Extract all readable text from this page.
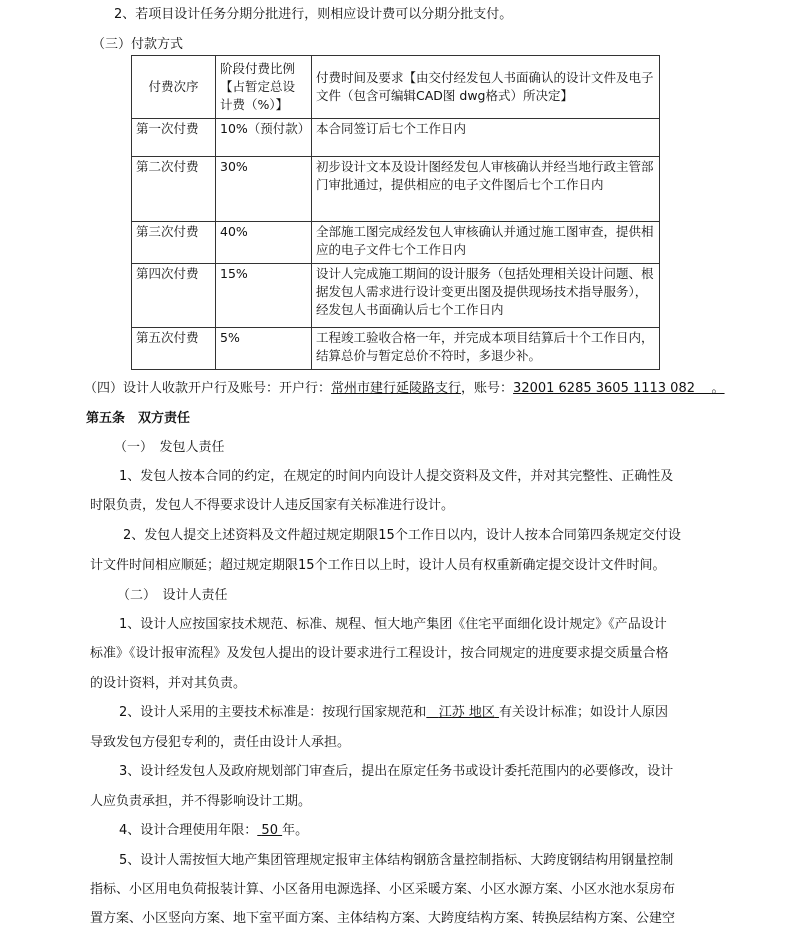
2、若项目设计任务分期分批进行，则相应设计费可以分期分批支付。
（三）付款方式
付费次序	阶段付费比例【占暂定总设计费（%）】	付费时间及要求【由交付经发包人书面确认的设计文件及电子文件（包含可编辑CAD图 dwg格式）所决定】
第一次付费	10%（预付款）	本合同签订后七个工作日内
第二次付费	30%	初步设计文本及设计图经发包人审核确认并经当地行政主管部门审批通过，提供相应的电子文件图后七个工作日内
第三次付费	40%	全部施工图完成经发包人审核确认并通过施工图审查，提供相应的电子文件七个工作日内
第四次付费	15%	设计人完成施工期间的设计服务（包括处理相关设计问题、根据发包人需求进行设计变更出图及提供现场技术指导服务），经发包人书面确认后七个工作日内
第五次付费	5%	工程竣工验收合格一年，并完成本项目结算后十个工作日内，结算总价与暂定总价不符时，多退少补。
（四）设计人收款开户行及账号：开户行：常州市建行延陵路支行，账号：32001 6285 3605 1113 082 。
第五条　双方责任
（一）　发包人责任
1、发包人按本合同的约定，在规定的时间内向设计人提交资料及文件，并对其完整性、正确性及
时限负责，发包人不得要求设计人违反国家有关标准进行设计。
2、发包人提交上述资料及文件超过规定期限15个工作日以内，设计人按本合同第四条规定交付设
计文件时间相应顺延；超过规定期限15个工作日以上时，设计人员有权重新确定提交设计文件时间。
（二）　设计人责任
1、设计人应按国家技术规范、标准、规程、恒大地产集团《住宅平面细化设计规定》《产品设计
标准》《设计报审流程》及发包人提出的设计要求进行工程设计，按合同规定的进度要求提交质量合格
的设计资料，并对其负责。
2、设计人采用的主要技术标准是：按现行国家规范和 江苏 地区 有关设计标准；如设计人原因
导致发包方侵犯专利的，责任由设计人承担。
3、设计经发包人及政府规划部门审查后，提出在原定任务书或设计委托范围内的必要修改，设计
人应负责承担，并不得影响设计工期。
4、设计合理使用年限： 50 年。
5、设计人需按恒大地产集团管理规定报审主体结构钢筋含量控制指标、大跨度钢结构用钢量控制
指标、小区用电负荷报装计算、小区备用电源选择、小区采暖方案、小区水源方案、小区水池水泵房布
置方案、小区竖向方案、地下室平面方案、主体结构方案、大跨度结构方案、转换层结构方案、公建空
